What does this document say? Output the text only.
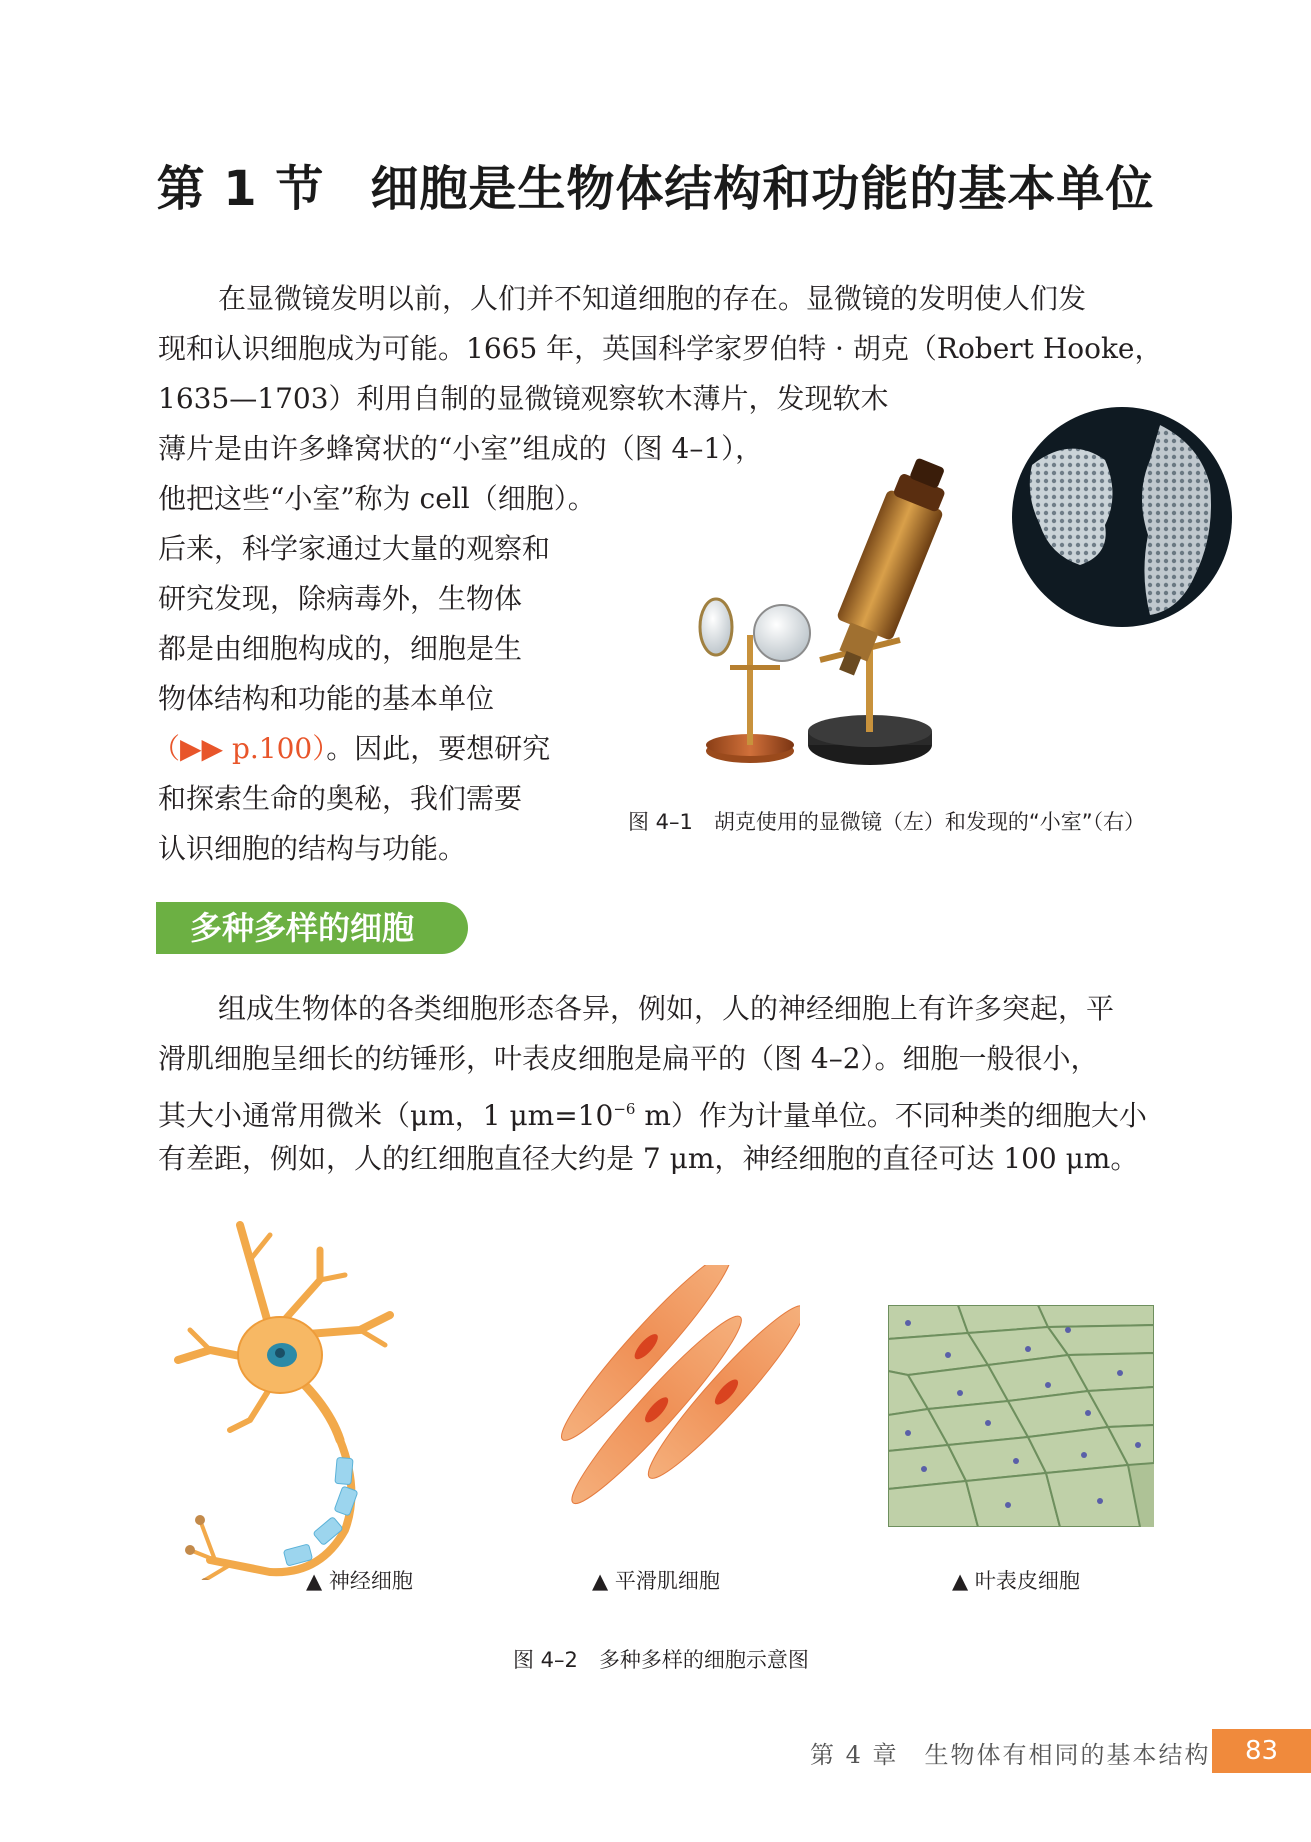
第 1 节 细胞是生物体结构和功能的基本单位

在显微镜发明以前，人们并不知道细胞的存在。显微镜的发明使人们发

现和认识细胞成为可能。1665 年，英国科学家罗伯特 · 胡克（Robert Hooke，

1635—1703）利用自制的显微镜观察软木薄片，发现软木

薄片是由许多蜂窝状的“小室”组成的（图 4–1），

他把这些“小室”称为 cell（细胞）。

后来，科学家通过大量的观察和

研究发现，除病毒外，生物体

都是由细胞构成的，细胞是生

物体结构和功能的基本单位

（▶▶ p.100）。因此，要想研究

和探索生命的奥秘，我们需要

认识细胞的结构与功能。

图 4–1　胡克使用的显微镜（左）和发现的“小室”（右）
多种多样的细胞

组成生物体的各类细胞形态各异，例如，人的神经细胞上有许多突起，平

滑肌细胞呈细长的纺锤形，叶表皮细胞是扁平的（图 4–2）。细胞一般很小，

其大小通常用微米（μm，1 $\mu m=10^{-6}$ m）作为计量单位。不同种类的细胞大小

有差距，例如，人的红细胞直径大约是 7 μm，神经细胞的直径可达 100 μm。

▲ 神经细胞	▲ 平滑肌细胞	▲ 叶表皮细胞
图 4–2　多种多样的细胞示意图
第 4 章　生物体有相同的基本结构	83
